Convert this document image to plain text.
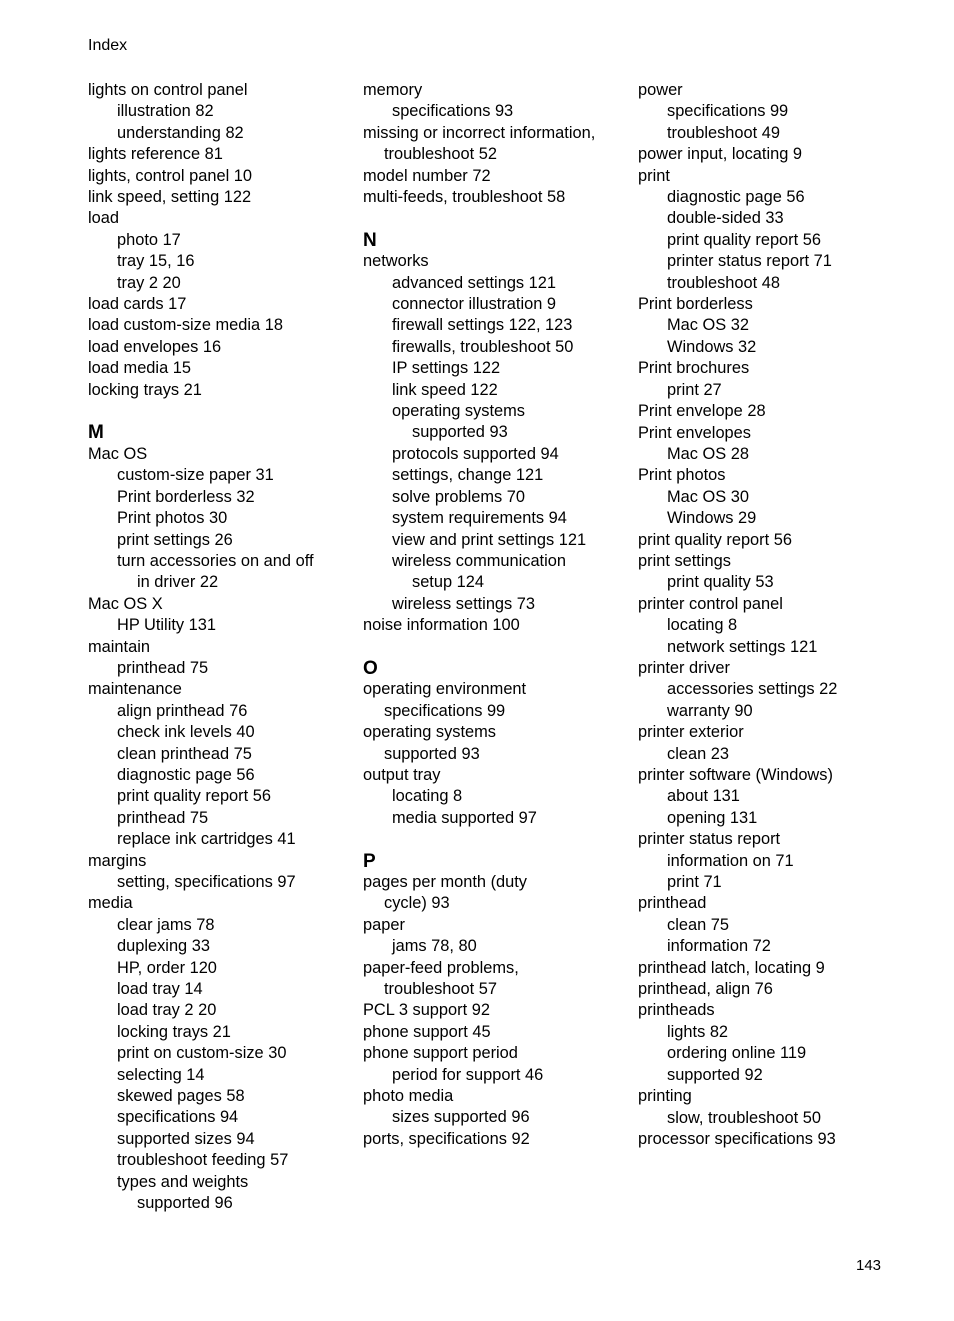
Index
lights on control panel
illustration 82
understanding 82
lights reference 81
lights, control panel 10
link speed, setting 122
load
photo 17
tray 15, 16
tray 2 20
load cards 17
load custom-size media 18
load envelopes 16
load media 15
locking trays 21
M
Mac OS
custom-size paper 31
Print borderless 32
Print photos 30
print settings 26
turn accessories on and off
in driver 22
Mac OS X
HP Utility 131
maintain
printhead 75
maintenance
align printhead 76
check ink levels 40
clean printhead 75
diagnostic page 56
print quality report 56
printhead 75
replace ink cartridges 41
margins
setting, specifications 97
media
clear jams 78
duplexing 33
HP, order 120
load tray 14
load tray 2 20
locking trays 21
print on custom-size 30
selecting 14
skewed pages 58
specifications 94
supported sizes 94
troubleshoot feeding 57
types and weights
supported 96
memory
specifications 93
missing or incorrect information,
troubleshoot 52
model number 72
multi-feeds, troubleshoot 58
N
networks
advanced settings 121
connector illustration 9
firewall settings 122, 123
firewalls, troubleshoot 50
IP settings 122
link speed 122
operating systems
supported 93
protocols supported 94
settings, change 121
solve problems 70
system requirements 94
view and print settings 121
wireless communication
setup 124
wireless settings 73
noise information 100
O
operating environment
specifications 99
operating systems
supported 93
output tray
locating 8
media supported 97
P
pages per month (duty
cycle) 93
paper
jams 78, 80
paper-feed problems,
troubleshoot 57
PCL 3 support 92
phone support 45
phone support period
period for support 46
photo media
sizes supported 96
ports, specifications 92
power
specifications 99
troubleshoot 49
power input, locating 9
print
diagnostic page 56
double-sided 33
print quality report 56
printer status report 71
troubleshoot 48
Print borderless
Mac OS 32
Windows 32
Print brochures
print 27
Print envelope 28
Print envelopes
Mac OS 28
Print photos
Mac OS 30
Windows 29
print quality report 56
print settings
print quality 53
printer control panel
locating 8
network settings 121
printer driver
accessories settings 22
warranty 90
printer exterior
clean 23
printer software (Windows)
about 131
opening 131
printer status report
information on 71
print 71
printhead
clean 75
information 72
printhead latch, locating 9
printhead, align 76
printheads
lights 82
ordering online 119
supported 92
printing
slow, troubleshoot 50
processor specifications 93
143
